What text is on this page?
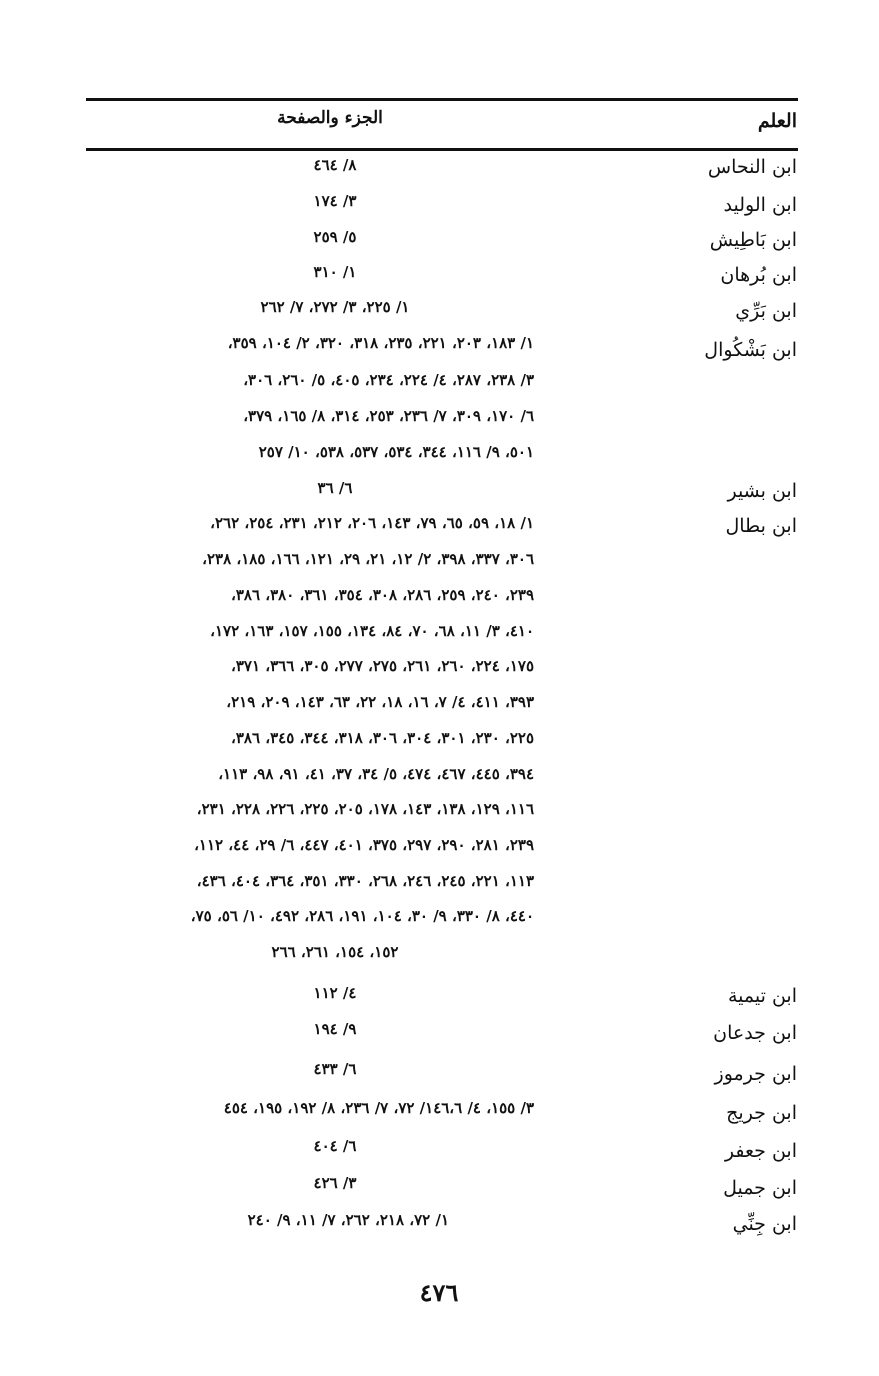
العلم
الجزء والصفحة
ابن النحاس
٨/ ٤٦٤
ابن الوليد
٣/ ١٧٤
ابن بَاطِيش
٥/ ٢٥٩
ابن بُرهان
١/ ٣١٠
ابن بَرِّي
١/ ٢٢٥، ٣/ ٢٧٢، ٧/ ٢٦٢
ابن بَشْكُوال
١/ ١٨٣، ٢٠٣، ٢٢١، ٢٣٥، ٣١٨، ٣٢٠، ٢/ ١٠٤، ٣٥٩،
٣/ ٢٣٨، ٢٨٧، ٤/ ٢٢٤، ٢٣٤، ٤٠٥، ٥/ ٢٦٠، ٣٠٦،
٦/ ١٧٠، ٣٠٩، ٧/ ٢٣٦، ٢٥٣، ٣١٤، ٨/ ١٦٥، ٣٧٩،
٥٠١، ٩/ ١١٦، ٣٤٤، ٥٣٤، ٥٣٧، ٥٣٨، ١٠/ ٢٥٧
ابن بشير
٦/ ٣٦
ابن بطال
١/ ١٨، ٥٩، ٦٥، ٧٩، ١٤٣، ٢٠٦، ٢١٢، ٢٣١، ٢٥٤، ٢٦٢،
٣٠٦، ٣٣٧، ٣٩٨، ٢/ ١٢، ٢١، ٢٩، ١٢١، ١٦٦، ١٨٥، ٢٣٨،
٢٣٩، ٢٤٠، ٢٥٩، ٢٨٦، ٣٠٨، ٣٥٤، ٣٦١، ٣٨٠، ٣٨٦،
٤١٠، ٣/ ١١، ٦٨، ٧٠، ٨٤، ١٣٤، ١٥٥، ١٥٧، ١٦٣، ١٧٢،
١٧٥، ٢٢٤، ٢٦٠، ٢٦١، ٢٧٥، ٢٧٧، ٣٠٥، ٣٦٦، ٣٧١،
٣٩٣، ٤١١، ٤/ ٧، ١٦، ١٨، ٢٢، ٦٣، ١٤٣، ٢٠٩، ٢١٩،
٢٢٥، ٢٣٠، ٣٠١، ٣٠٤، ٣٠٦، ٣١٨، ٣٤٤، ٣٤٥، ٣٨٦،
٣٩٤، ٤٤٥، ٤٦٧، ٤٧٤، ٥/ ٣٤، ٣٧، ٤١، ٩١، ٩٨، ١١٣،
١١٦، ١٢٩، ١٣٨، ١٤٣، ١٧٨، ٢٠٥، ٢٢٥، ٢٢٦، ٢٢٨، ٢٣١،
٢٣٩، ٢٨١، ٢٩٠، ٢٩٧، ٣٧٥، ٤٠١، ٤٤٧، ٦/ ٢٩، ٤٤، ١١٢،
١١٣، ٢٢١، ٢٤٥، ٢٤٦، ٢٦٨، ٣٣٠، ٣٥١، ٣٦٤، ٤٠٤، ٤٣٦،
٤٤٠، ٨/ ٣٣٠، ٩/ ٣٠، ١٠٤، ١٩١، ٢٨٦، ٤٩٢، ١٠/ ٥٦، ٧٥،
١٥٢، ١٥٤، ٢٦١، ٢٦٦
ابن تيمية
٤/ ١١٢
ابن جدعان
٩/ ١٩٤
ابن جرموز
٦/ ٤٣٣
ابن جريج
٣/ ١٥٥، ٤/ ١٤٦،٦/ ٧٢، ٧/ ٢٣٦، ٨/ ١٩٢، ١٩٥، ٤٥٤
ابن جعفر
٦/ ٤٠٤
ابن جميل
٣/ ٤٢٦
ابن جِنِّي
١/ ٧٢، ٢١٨، ٢٦٢، ٧/ ١١، ٩/ ٢٤٠
٤٧٦
